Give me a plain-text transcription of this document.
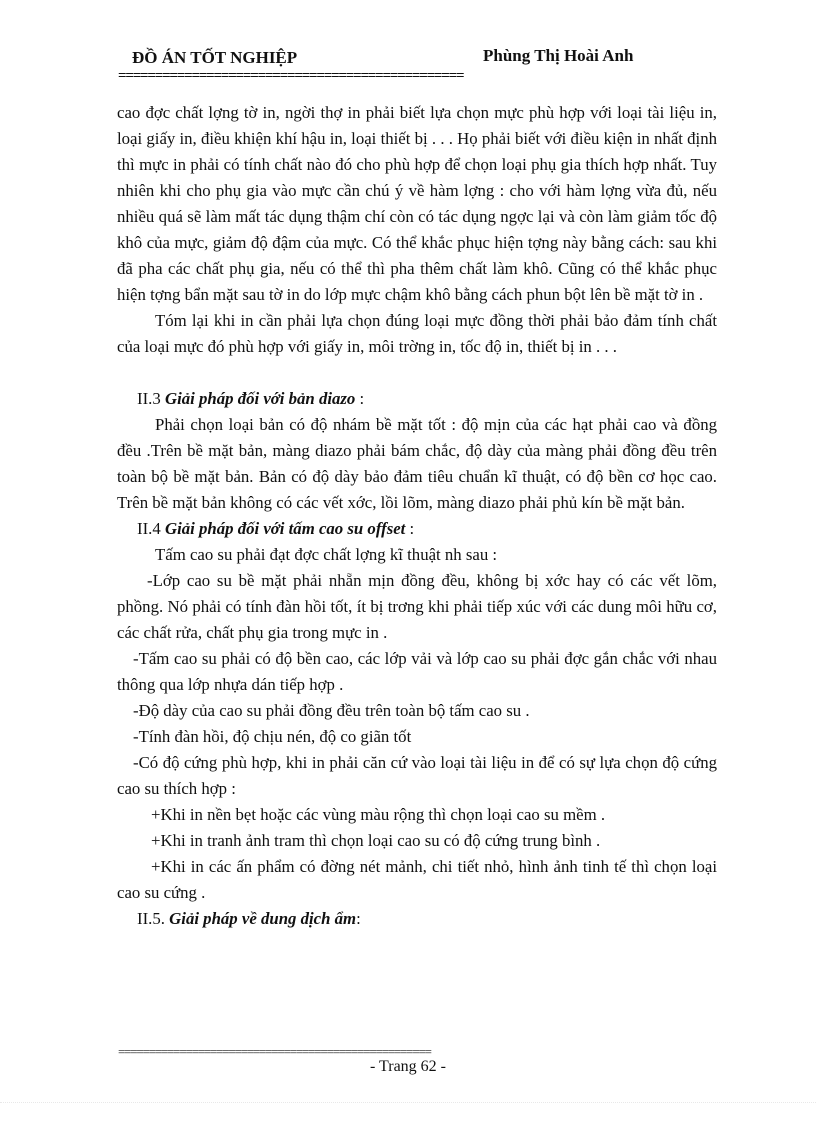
ĐỒ ÁN TỐT NGHIỆP	Phùng Thị Hoài Anh
===============================================

cao đợc chất lợng tờ in, ngời thợ in phải biết lựa chọn mực phù hợp với loại tài liệu in, loại giấy in, điều khiện khí hậu in, loại thiết bị . . . Họ phải biết với điều kiện in nhất định thì mực in phải có tính chất nào đó cho phù hợp để chọn loại phụ gia thích hợp nhất. Tuy nhiên khi cho phụ gia vào mực cần chú ý về hàm lợng : cho với hàm lợng vừa đủ, nếu nhiều quá sẽ làm mất tác dụng thậm chí còn có tác dụng ngợc lại và còn làm giảm tốc độ khô của mực, giảm độ đậm của mực. Có thể khắc phục hiện tợng này bằng cách: sau khi đã pha các chất phụ gia, nếu có thể thì pha thêm chất làm khô. Cũng có thể khắc phục hiện tợng bẩn mặt sau tờ in do lớp mực chậm khô bằng cách phun bột lên bề mặt tờ in .

Tóm lại khi in cần phải lựa chọn đúng loại mực đồng thời phải bảo đảm tính chất của loại mực đó phù hợp với giấy in, môi trờng in, tốc độ in, thiết bị in . . .

II.3 Giải pháp đối với bản diazo :

Phải chọn loại bản có độ nhám bề mặt tốt : độ mịn của các hạt phải cao và đồng đều .Trên bề mặt bản, màng diazo phải bám chắc, độ dày của màng phải đồng đều trên toàn bộ bề mặt bản. Bản có độ dày bảo đảm tiêu chuẩn kĩ thuật, có độ bền cơ học cao. Trên bề mặt bản không có các vết xớc, lồi lõm, màng diazo phải phủ kín bề mặt bản.

II.4 Giải pháp đối với tấm cao su offset :

Tấm cao su phải đạt đợc chất lợng kĩ thuật nh sau :

-Lớp cao su bề mặt phải nhẵn mịn đồng đều, không bị xớc hay có các vết lõm, phồng. Nó phải có tính đàn hồi tốt, ít bị trơng khi phải tiếp xúc với các dung môi hữu cơ, các chất rửa, chất phụ gia trong mực in .

-Tấm cao su phải có độ bền cao, các lớp vải và lớp cao su phải đợc gắn chắc với nhau thông qua lớp nhựa dán tiếp hợp .

-Độ dày của cao su phải đồng đều trên toàn bộ tấm cao su .

-Tính đàn hồi, độ chịu nén, độ co giãn tốt

-Có độ cứng phù hợp, khi in phải căn cứ vào loại tài liệu in để có sự lựa chọn độ cứng cao su thích hợp :

+Khi in nền bẹt hoặc các vùng màu rộng thì chọn loại cao su mềm .

+Khi in tranh ảnh tram thì chọn loại cao su có độ cứng trung bình .

+Khi in các ấn phẩm có đờng nét mảnh, chi tiết nhỏ, hình ảnh tinh tế thì chọn loại cao su cứng .

II.5. Giải pháp về dung dịch ẩm:

===================================================
- Trang 62 -
